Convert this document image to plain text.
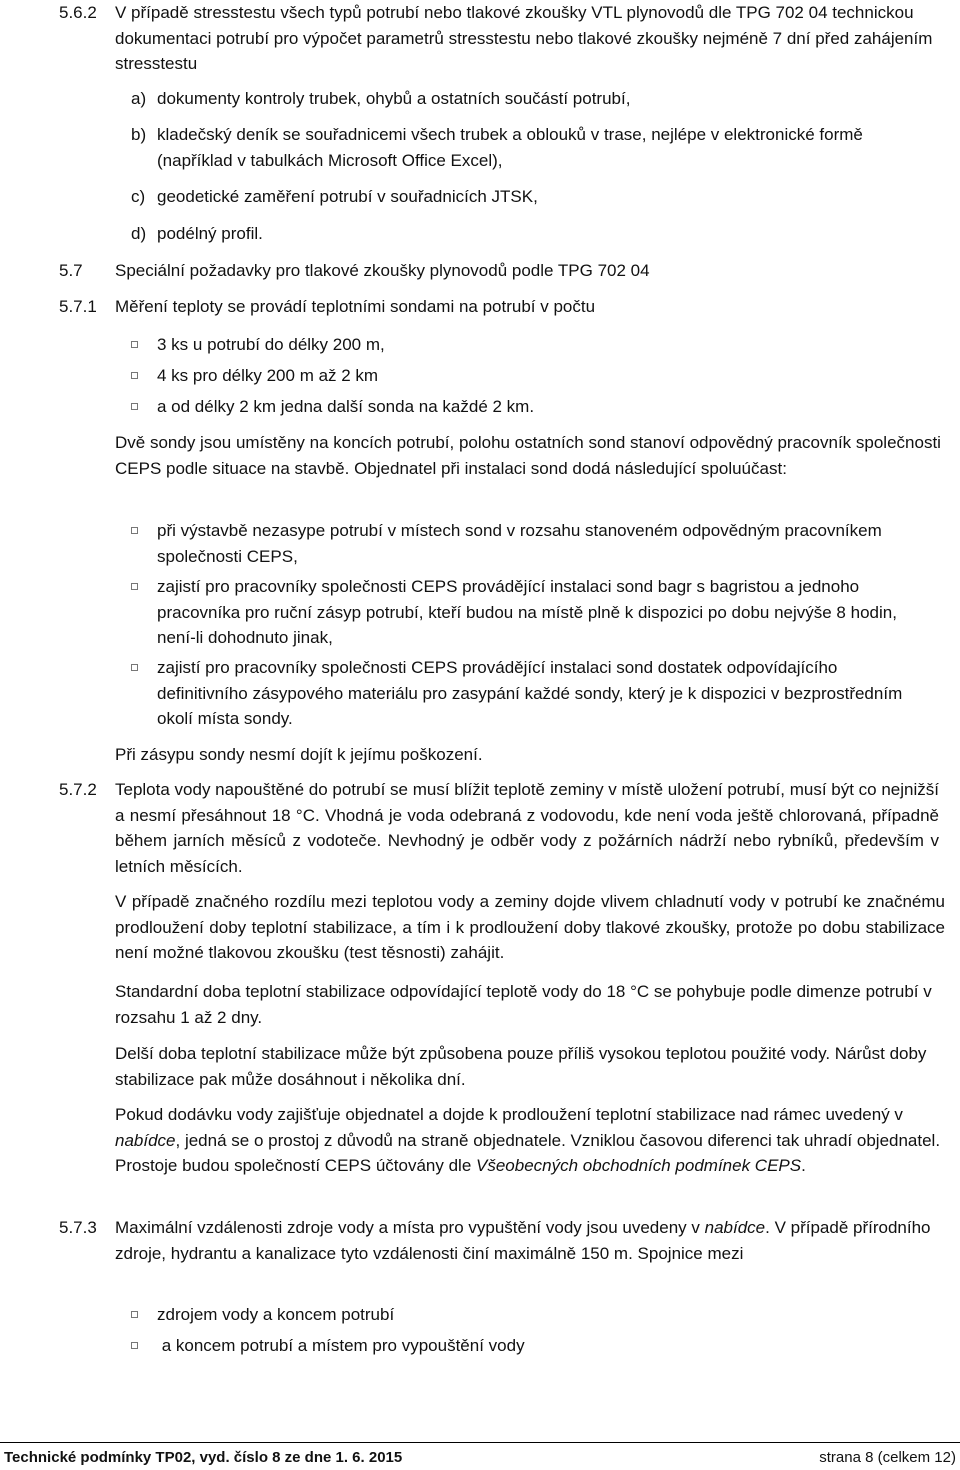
5.6.2 V případě stresstestu všech typů potrubí nebo tlakové zkoušky VTL plynovodů dle TPG 702 04 technickou dokumentaci potrubí pro výpočet parametrů stresstestu nebo tlakové zkoušky nejméně 7 dní před zahájením stresstestu
a) dokumenty kontroly trubek, ohybů a ostatních součástí potrubí,
b) kladečský deník se souřadnicemi všech trubek a oblouků v trase, nejlépe v elektronické formě (například v tabulkách Microsoft Office Excel),
c) geodetické zaměření potrubí v souřadnicích JTSK,
d) podélný profil.
5.7
Speciální požadavky pro tlakové zkoušky plynovodů podle TPG 702 04
5.7.1 Měření teploty se provádí teplotními sondami na potrubí v počtu
3 ks u potrubí do délky 200 m,
4 ks pro délky 200 m až 2 km
a od délky 2 km jedna další sonda na každé 2 km.
Dvě sondy jsou umístěny na koncích potrubí, polohu ostatních sond stanoví odpovědný pracovník společnosti CEPS podle situace na stavbě. Objednatel při instalaci sond dodá následující spoluúčast:
při výstavbě nezasype potrubí v místech sond v rozsahu stanoveném odpovědným pracovníkem společnosti CEPS,
zajistí pro pracovníky společnosti CEPS provádějící instalaci sond bagr s bagristou a jednoho pracovníka pro ruční zásyp potrubí, kteří budou na místě plně k dispozici po dobu nejvýše 8 hodin, není-li dohodnuto jinak,
zajistí pro pracovníky společnosti CEPS provádějící instalaci sond dostatek odpovídajícího definitivního zásypového materiálu pro zasypání každé sondy, který je k dispozici v bezprostředním okolí místa sondy.
Při zásypu sondy nesmí dojít k jejímu poškození.
5.7.2 Teplota vody napouštěné do potrubí se musí blížit teplotě zeminy v místě uložení potrubí, musí být co nejnižší a nesmí přesáhnout 18 °C. Vhodná je voda odebraná z vodovodu, kde není voda ještě chlorovaná, případně během jarních měsíců z vodoteče. Nevhodný je odběr vody z požárních nádrží nebo rybníků, především v letních měsících.
V případě značného rozdílu mezi teplotou vody a zeminy dojde vlivem chladnutí vody v potrubí ke značnému prodloužení doby teplotní stabilizace, a tím i k prodloužení doby tlakové zkoušky, protože po dobu stabilizace není možné tlakovou zkoušku (test těsnosti) zahájit.
Standardní doba teplotní stabilizace odpovídající teplotě vody do 18 °C se pohybuje podle dimenze potrubí v rozsahu 1 až 2 dny.
Delší doba teplotní stabilizace může být způsobena pouze příliš vysokou teplotou použité vody. Nárůst doby stabilizace pak může dosáhnout i několika dní.
Pokud dodávku vody zajišťuje objednatel a dojde k prodloužení teplotní stabilizace nad rámec uvedený v nabídce, jedná se o prostoj z důvodů na straně objednatele. Vzniklou časovou diferenci tak uhradí objednatel. Prostoje budou společností CEPS účtovány dle Všeobecných obchodních podmínek CEPS.
5.7.3 Maximální vzdálenosti zdroje vody a místa pro vypuštění vody jsou uvedeny v nabídce. V případě přírodního zdroje, hydrantu a kanalizace tyto vzdálenosti činí maximálně 150 m. Spojnice mezi
zdrojem vody a koncem potrubí
a koncem potrubí a místem pro vypouštění vody
Technické podmínky TP02, vyd. číslo 8 ze dne 1. 6. 2015	strana 8 (celkem 12)
